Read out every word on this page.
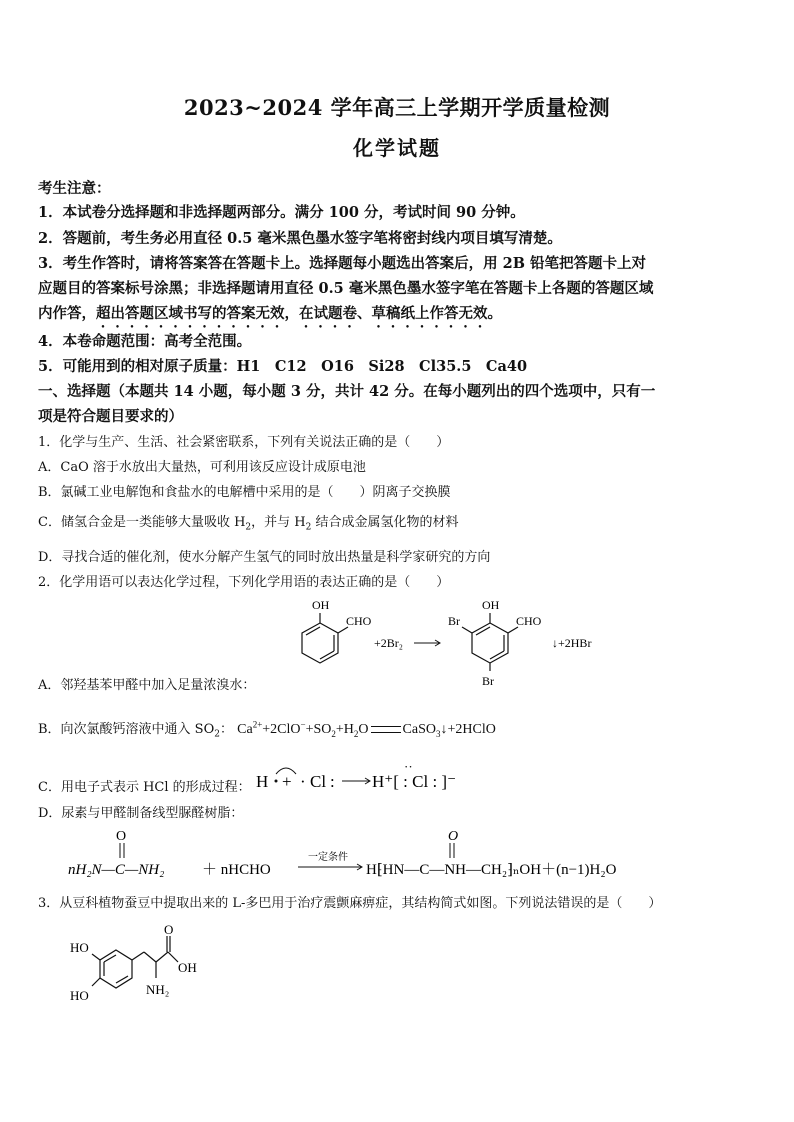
2023~2024 学年高三上学期开学质量检测
化学试题
考生注意：
1．本试卷分选择题和非选择题两部分。满分 100 分，考试时间 90 分钟。
2．答题前，考生务必用直径 0.5 毫米黑色墨水签字笔将密封线内项目填写清楚。
3．考生作答时，请将答案答在答题卡上。选择题每小题选出答案后，用 2B 铅笔把答题卡上对
应题目的答案标号涂黑；非选择题请用直径 0.5 毫米黑色墨水签字笔在答题卡上各题的答题区域
内作答，超出答题区域书写的答案无效，在试题卷、草稿纸上作答无效。
4．本卷命题范围：高考全范围。
5．可能用到的相对原子质量：H1　C12　O16　Si28　Cl35.5　Ca40
一、选择题（本题共 14 小题，每小题 3 分，共计 42 分。在每小题列出的四个选项中，只有一
项是符合题目要求的）
1．化学与生产、生活、社会紧密联系，下列有关说法正确的是（　　）
A．CaO 溶于水放出大量热，可利用该反应设计成原电池
B．氯碱工业电解饱和食盐水的电解槽中采用的是（　　）阴离子交换膜
C．储氢合金是一类能够大量吸收 $H_2$，并与 $H_2$ 结合成金属氢化物的材料
D．寻找合适的催化剂，使水分解产生氢气的同时放出热量是科学家研究的方向
2．化学用语可以表达化学过程，下列化学用语的表达正确的是（　　）
OH
CHO
+2Br₂
OH
CHO
Br
Br
↓+2HBr
A．邻羟基苯甲醛中加入足量浓溴水：
B．向次氯酸钙溶液中通入 $SO_2$： $Ca^{2+}+2ClO^-+SO_2+H_2O$ CaSO$_3$↓+2HClO
C．用电子式表示 HCl 的形成过程： H + · Cl :
··
H⁺[ : Cl : ]⁻
D．尿素与甲醛制备线型脲醛树脂：
O
nH₂N—C—NH₂	＋ nHCHO
一定条件
O
H⁅HN—C—NH—CH₂⁆ₙOH＋(n−1)H₂O
3．从豆科植物蚕豆中提取出来的 L-多巴用于治疗震颤麻痹症，其结构简式如图。下列说法错误的是（　　）
HO
HO
O
OH
NH₂
